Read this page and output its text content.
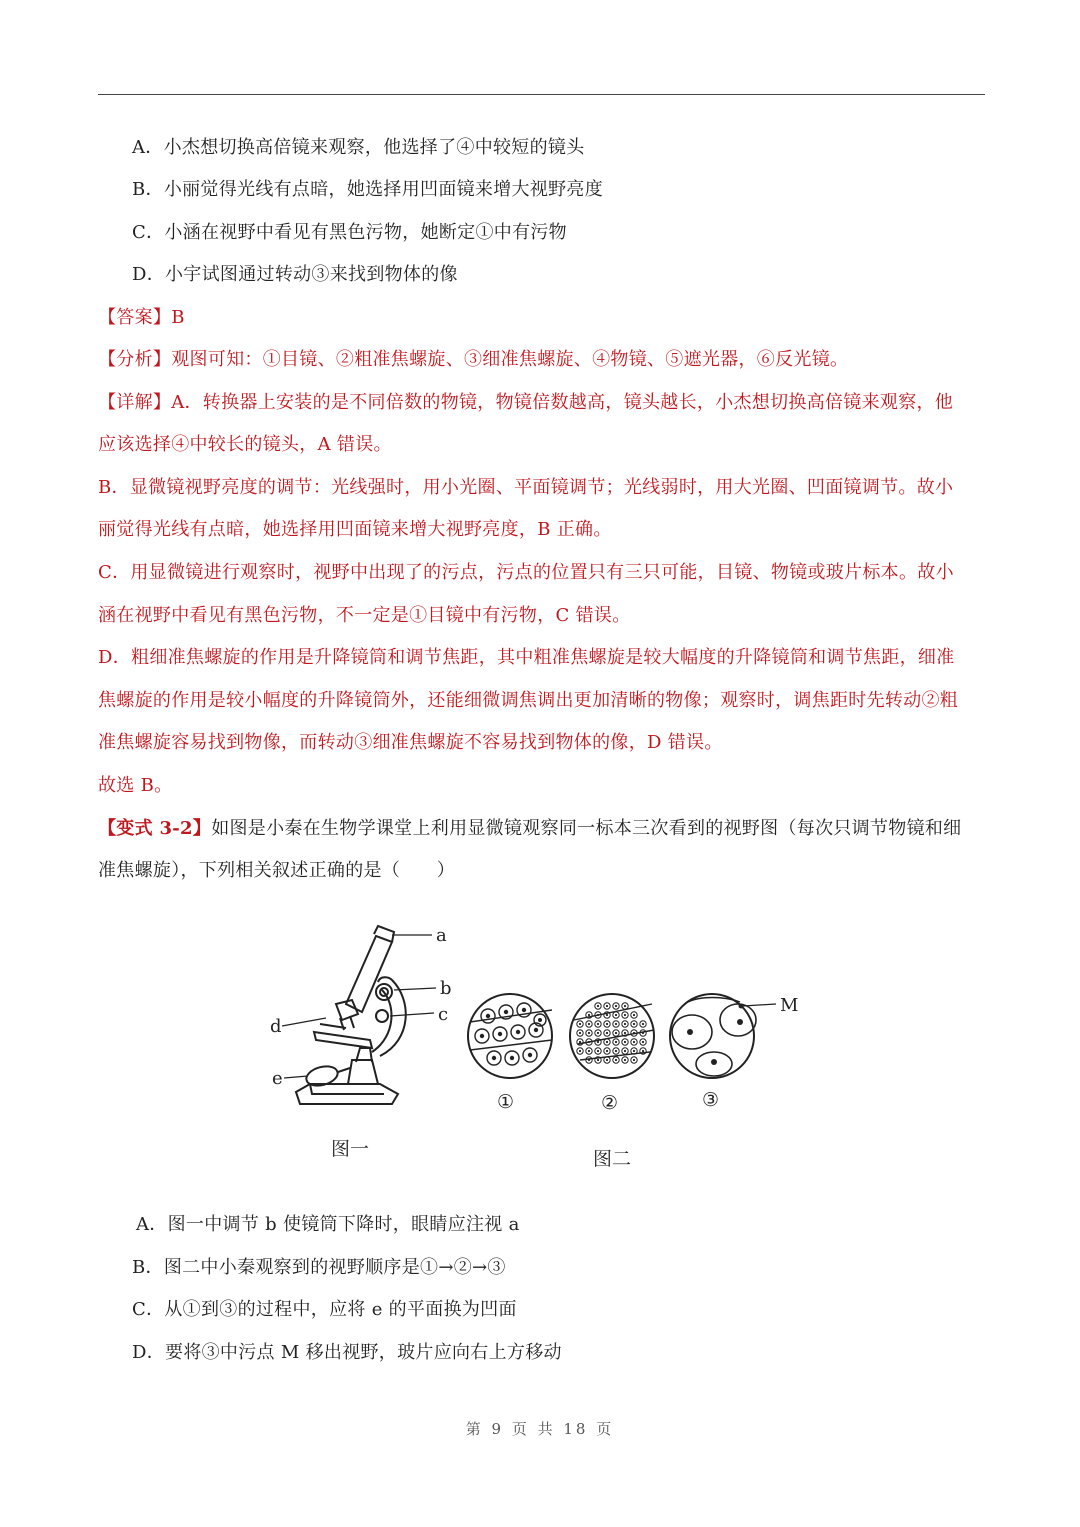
A．小杰想切换高倍镜来观察，他选择了④中较短的镜头
B．小丽觉得光线有点暗，她选择用凹面镜来增大视野亮度
C．小涵在视野中看见有黑色污物，她断定①中有污物
D．小宇试图通过转动③来找到物体的像
【答案】B
【分析】观图可知：①目镜、②粗准焦螺旋、③细准焦螺旋、④物镜、⑤遮光器，⑥反光镜。
【详解】A．转换器上安装的是不同倍数的物镜，物镜倍数越高，镜头越长，小杰想切换高倍镜来观察，他
应该选择④中较长的镜头，A 错误。
B．显微镜视野亮度的调节：光线强时，用小光圈、平面镜调节；光线弱时，用大光圈、凹面镜调节。故小
丽觉得光线有点暗，她选择用凹面镜来增大视野亮度，B 正确。
C．用显微镜进行观察时，视野中出现了的污点，污点的位置只有三只可能，目镜、物镜或玻片标本。故小
涵在视野中看见有黑色污物，不一定是①目镜中有污物，C 错误。
D．粗细准焦螺旋的作用是升降镜筒和调节焦距，其中粗准焦螺旋是较大幅度的升降镜筒和调节焦距，细准
焦螺旋的作用是较小幅度的升降镜筒外，还能细微调焦调出更加清晰的物像；观察时，调焦距时先转动②粗
准焦螺旋容易找到物像，而转动③细准焦螺旋不容易找到物体的像，D 错误。
故选 B。
【变式 3-2】如图是小秦在生物学课堂上利用显微镜观察同一标本三次看到的视野图（每次只调节物镜和细
准焦螺旋），下列相关叙述正确的是（　　）
a
b
c
d
e
M
①	②	③
图一	图二
A．图一中调节 b 使镜筒下降时，眼睛应注视 a
B．图二中小秦观察到的视野顺序是①→②→③
C．从①到③的过程中，应将 e 的平面换为凹面
D．要将③中污点 M 移出视野，玻片应向右上方移动
第 9 页 共 18 页
